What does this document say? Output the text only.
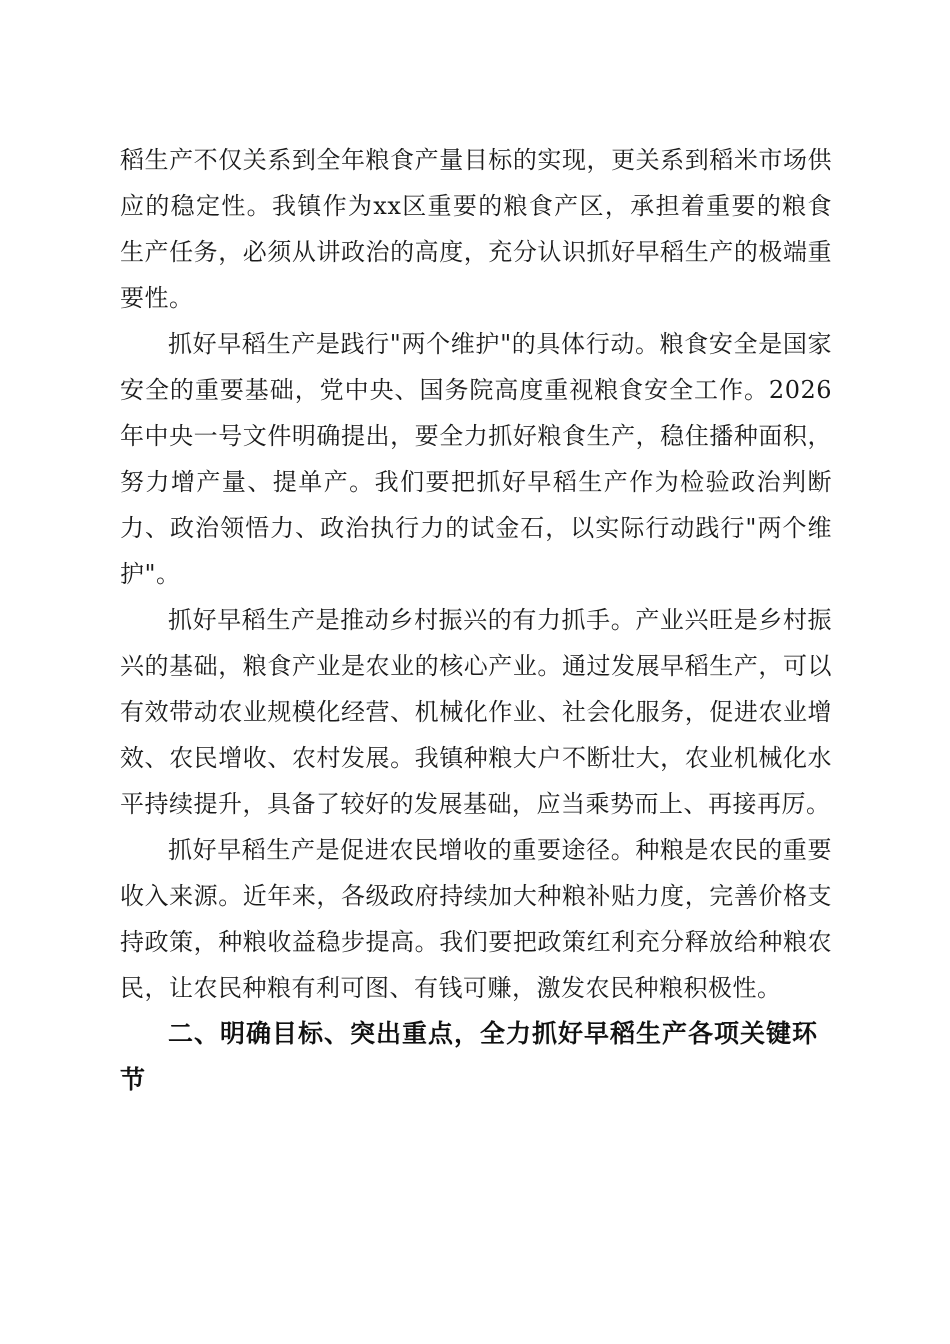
稻生产不仅关系到全年粮食产量目标的实现，更关系到稻米市场供应的稳定性。我镇作为xx区重要的粮食产区，承担着重要的粮食生产任务，必须从讲政治的高度，充分认识抓好早稻生产的极端重要性。

抓好早稻生产是践行"两个维护"的具体行动。粮食安全是国家安全的重要基础，党中央、国务院高度重视粮食安全工作。2026年中央一号文件明确提出，要全力抓好粮食生产，稳住播种面积，努力增产量、提单产。我们要把抓好早稻生产作为检验政治判断力、政治领悟力、政治执行力的试金石，以实际行动践行"两个维护"。

抓好早稻生产是推动乡村振兴的有力抓手。产业兴旺是乡村振兴的基础，粮食产业是农业的核心产业。通过发展早稻生产，可以有效带动农业规模化经营、机械化作业、社会化服务，促进农业增效、农民增收、农村发展。我镇种粮大户不断壮大，农业机械化水平持续提升，具备了较好的发展基础，应当乘势而上、再接再厉。

抓好早稻生产是促进农民增收的重要途径。种粮是农民的重要收入来源。近年来，各级政府持续加大种粮补贴力度，完善价格支持政策，种粮收益稳步提高。我们要把政策红利充分释放给种粮农民，让农民种粮有利可图、有钱可赚，激发农民种粮积极性。

二、明确目标、突出重点，全力抓好早稻生产各项关键环节
